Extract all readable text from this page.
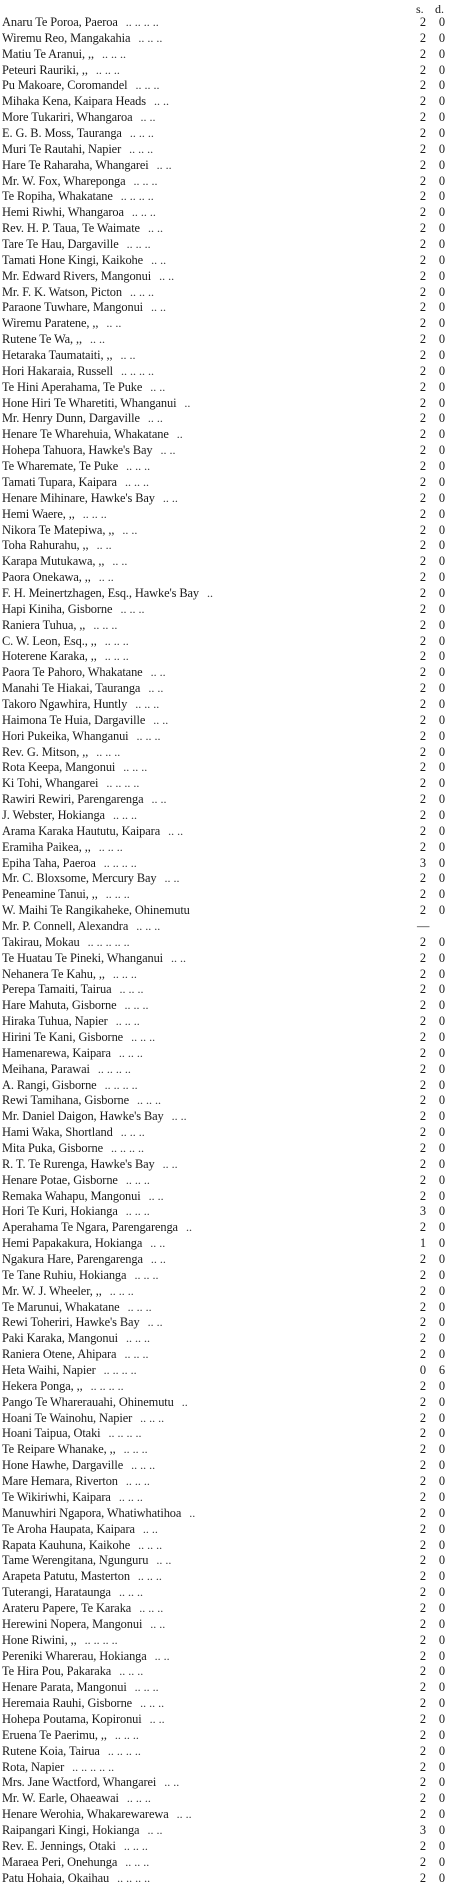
s. d.
Anaru Te Poroa, Paeroa .. .. .. ..	2 0
Wiremu Reo, Mangakahia .. .. ..	2 0
Matiu Te Aranui, ,, .. .. ..	2 0
Peteuri Rauriki, ,, .. .. ..	2 0
Pu Makoare, Coromandel .. .. ..	2 0
Mihaka Kena, Kaipara Heads .. ..	2 0
More Tukariri, Whangaroa .. ..	2 0
E. G. B. Moss, Tauranga .. .. ..	2 0
Muri Te Rautahi, Napier .. .. ..	2 0
Hare Te Raharaha, Whangarei .. ..	2 0
Mr. W. Fox, Whareponga .. .. ..	2 0
Te Ropiha, Whakatane .. .. .. ..	2 0
Hemi Riwhi, Whangaroa .. .. ..	2 0
Rev. H. P. Taua, Te Waimate .. ..	2 0
Tare Te Hau, Dargaville .. .. ..	2 0
Tamati Hone Kingi, Kaikohe .. ..	2 0
Mr. Edward Rivers, Mangonui .. ..	2 0
Mr. F. K. Watson, Picton .. .. ..	2 0
Paraone Tuwhare, Mangonui .. ..	2 0
Wiremu Paratene, ,, .. ..	2 0
Rutene Te Wa, ,, .. ..	2 0
Hetaraka Taumataiti, ,, .. ..	2 0
Hori Hakaraia, Russell .. .. .. ..	2 0
Te Hini Aperahama, Te Puke .. ..	2 0
Hone Hiri Te Wharetiti, Whanganui ..	2 0
Mr. Henry Dunn, Dargaville .. ..	2 0
Henare Te Wharehuia, Whakatane ..	2 0
Hohepa Tahuora, Hawke's Bay .. ..	2 0
Te Wharemate, Te Puke .. .. ..	2 0
Tamati Tupara, Kaipara .. .. ..	2 0
Henare Mihinare, Hawke's Bay .. ..	2 0
Hemi Waere, ,, .. .. ..	2 0
Nikora Te Matepiwa, ,, .. ..	2 0
Toha Rahurahu, ,, .. ..	2 0
Karapa Mutukawa, ,, .. ..	2 0
Paora Onekawa, ,, .. ..	2 0
F. H. Meinertzhagen, Esq., Hawke's Bay ..	2 0
Hapi Kiniha, Gisborne .. .. ..	2 0
Raniera Tuhua, ,, .. .. ..	2 0
C. W. Leon, Esq., ,, .. .. ..	2 0
Hoterene Karaka, ,, .. .. ..	2 0
Paora Te Pahoro, Whakatane .. ..	2 0
Manahi Te Hiakai, Tauranga .. ..	2 0
Takoro Ngawhira, Huntly .. .. ..	2 0
Haimona Te Huia, Dargaville .. ..	2 0
Hori Pukeika, Whanganui .. .. ..	2 0
Rev. G. Mitson, ,, .. .. ..	2 0
Rota Keepa, Mangonui .. .. ..	2 0
Ki Tohi, Whangarei .. .. .. ..	2 0
Rawiri Rewiri, Parengarenga .. ..	2 0
J. Webster, Hokianga .. .. ..	2 0
Arama Karaka Haututu, Kaipara .. ..	2 0
Eramiha Paikea, ,, .. .. ..	2 0
Epiha Taha, Paeroa .. .. .. ..	3 0
Mr. C. Bloxsome, Mercury Bay .. ..	2 0
Peneamine Tanui, ,, .. .. ..	2 0
W. Maihi Te Rangikaheke, Ohinemutu	2 0
Mr. P. Connell, Alexandra .. .. ..	—
Takirau, Mokau .. .. .. .. ..	2 0
Te Huatau Te Pineki, Whanganui .. ..	2 0
Nehanera Te Kahu, ,, .. .. ..	2 0
Perepa Tamaiti, Tairua .. .. ..	2 0
Hare Mahuta, Gisborne .. .. ..	2 0
Hiraka Tuhua, Napier .. .. ..	2 0
Hirini Te Kani, Gisborne .. .. ..	2 0
Hamenarewa, Kaipara .. .. ..	2 0
Meihana, Parawai .. .. .. ..	2 0
A. Rangi, Gisborne .. .. .. ..	2 0
Rewi Tamihana, Gisborne .. .. ..	2 0
Mr. Daniel Daigon, Hawke's Bay .. ..	2 0
Hami Waka, Shortland .. .. ..	2 0
Mita Puka, Gisborne .. .. .. ..	2 0
R. T. Te Rurenga, Hawke's Bay .. ..	2 0
Henare Potae, Gisborne .. .. ..	2 0
Remaka Wahapu, Mangonui .. ..	2 0
Hori Te Kuri, Hokianga .. .. ..	3 0
Aperahama Te Ngara, Parengarenga ..	2 0
Hemi Papakakura, Hokianga .. ..	1 0
Ngakura Hare, Parengarenga .. ..	2 0
Te Tane Ruhiu, Hokianga .. .. ..	2 0
Mr. W. J. Wheeler, ,, .. .. ..	2 0
Te Marunui, Whakatane .. .. ..	2 0
Rewi Toheriri, Hawke's Bay .. ..	2 0
Paki Karaka, Mangonui .. .. ..	2 0
Raniera Otene, Ahipara .. .. ..	2 0
Heta Waihi, Napier .. .. .. ..	0 6
Hekera Ponga, ,, .. .. .. ..	2 0
Pango Te Wharerauahi, Ohinemutu ..	2 0
Hoani Te Wainohu, Napier .. .. ..	2 0
Hoani Taipua, Otaki .. .. .. ..	2 0
Te Reipare Whanake, ,, .. .. ..	2 0
Hone Hawhe, Dargaville .. .. ..	2 0
Mare Hemara, Riverton .. .. ..	2 0
Te Wikiriwhi, Kaipara .. .. ..	2 0
Manuwhiri Ngapora, Whatiwhatihoa ..	2 0
Te Aroha Haupata, Kaipara .. ..	2 0
Rapata Kauhuna, Kaikohe .. .. ..	2 0
Tame Werengitana, Ngunguru .. ..	2 0
Arapeta Patutu, Masterton .. .. ..	2 0
Tuterangi, Harataunga .. .. ..	2 0
Arateru Papere, Te Karaka .. .. ..	2 0
Herewini Nopera, Mangonui .. ..	2 0
Hone Riwini, ,, .. .. .. ..	2 0
Pereniki Wharerau, Hokianga .. ..	2 0
Te Hira Pou, Pakaraka .. .. ..	2 0
Henare Parata, Mangonui .. .. ..	2 0
Heremaia Rauhi, Gisborne .. .. ..	2 0
Hohepa Poutama, Kopironui .. ..	2 0
Eruena Te Paerimu, ,, .. .. ..	2 0
Rutene Koia, Tairua .. .. .. ..	2 0
Rota, Napier .. .. .. .. ..	2 0
Mrs. Jane Wactford, Whangarei .. ..	2 0
Mr. W. Earle, Ohaeawai .. .. ..	2 0
Henare Werohia, Whakarewarewa .. ..	2 0
Raipangari Kingi, Hokianga .. ..	3 0
Rev. E. Jennings, Otaki .. .. ..	2 0
Maraea Peri, Onehunga .. .. ..	2 0
Patu Hohaia, Okaihau .. .. .. ..	2 0
